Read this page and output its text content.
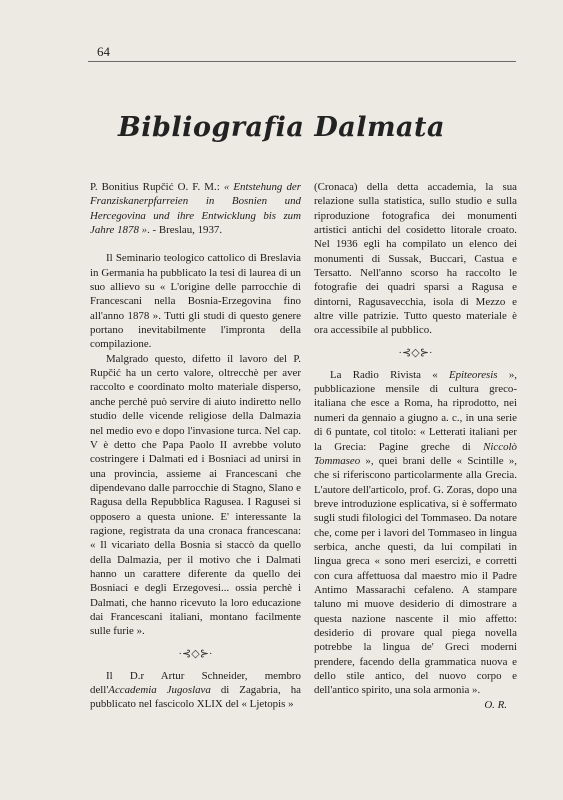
64
Bibliografia Dalmata

P. Bonitius Rupčić O. F. M.: « Entstehung der Franziskanerpfarreien in Bosnien und Hercegovina und ihre Entwicklung bis zum Jahre 1878 ». - Breslau, 1937.

Il Seminario teologico cattolico di Breslavia in Germania ha pubblicato la tesi di laurea di un suo allievo su « L'origine delle parrocchie di Francescani nella Bosnia-Erzegovina fino all'anno 1878 ». Tutti gli studi di questo genere portano inevitabilmente l'impronta della compilazione.

Malgrado questo, difetto il lavoro del P. Rupčić ha un certo valore, oltrecchè per aver raccolto e coordinato molto materiale disperso, anche perchè può servire di aiuto indiretto nello studio delle vicende religiose della Dalmazia nel medio evo e dopo l'invasione turca. Nel cap. V è detto che Papa Paolo II avrebbe voluto costringere i Dalmati ed i Bosniaci ad unirsi in una provincia, assieme ai Francescani che dipendevano dalle parrocchie di Stagno, Slano e Ragusa della Repubblica Ragusea. I Ragusei si opposero a questa unione. E' interessante la ragione, registrata da una cronaca francescana: « Il vicariato della Bosnia si staccò da quello della Dalmazia, per il motivo che i Dalmati hanno un carattere diferente da quello dei Bosniaci e degli Erzegovesi... ossia perchè i Dalmati, che hanno ricevuto la loro educazione dai Francescani italiani, montano facilmente sulle furie ».

·⊰◇⊱·

Il D.r Artur Schneider, membro dell'Accademia Jugoslava di Zagabria, ha pubblicato nel fascicolo XLIX del « Ljetopis »

(Cronaca) della detta accademia, la sua relazione sulla statistica, sullo studio e sulla riproduzione fotografica dei monumenti artistici antichi del cosidetto litorale croato. Nel 1936 egli ha compilato un elenco dei monumenti di Sussak, Buccari, Castua e Tersatto. Nell'anno scorso ha raccolto le fotografie dei quadri sparsi a Ragusa e dintorni, Ragusavecchia, isola di Mezzo e altre ville patrizie. Tutto questo materiale è ora accessibile al pubblico.

·⊰◇⊱·

La Radio Rivista « Epiteoresis », pubblicazione mensile di cultura greco-italiana che esce a Roma, ha riprodotto, nei numeri da gennaio a giugno a. c., in una serie di 6 puntate, col titolo: « Letterati italiani per la Grecia: Pagine greche di Niccolò Tommaseo », quei brani delle « Scintille », che si riferiscono particolarmente alla Grecia. L'autore dell'articolo, prof. G. Zoras, dopo una breve introduzione esplicativa, si è soffermato sugli studi filologici del Tommaseo. Da notare che, come per i lavori del Tommaseo in lingua serbica, anche questi, da lui compilati in lingua greca « sono meri esercizi, e corretti con cura affettuosa dal maestro mio il Padre Antimo Massarachi cefaleno. A stampare taluno mi muove desiderio di dimostrare a questa nazione nascente il mio affetto: desiderio di provare qual piega novella potrebbe la lingua de' Greci moderni prendere, facendo della grammatica nuova e dello stile antico, del nuovo corpo e dell'antico spirito, una sola armonia ».

O. R.
